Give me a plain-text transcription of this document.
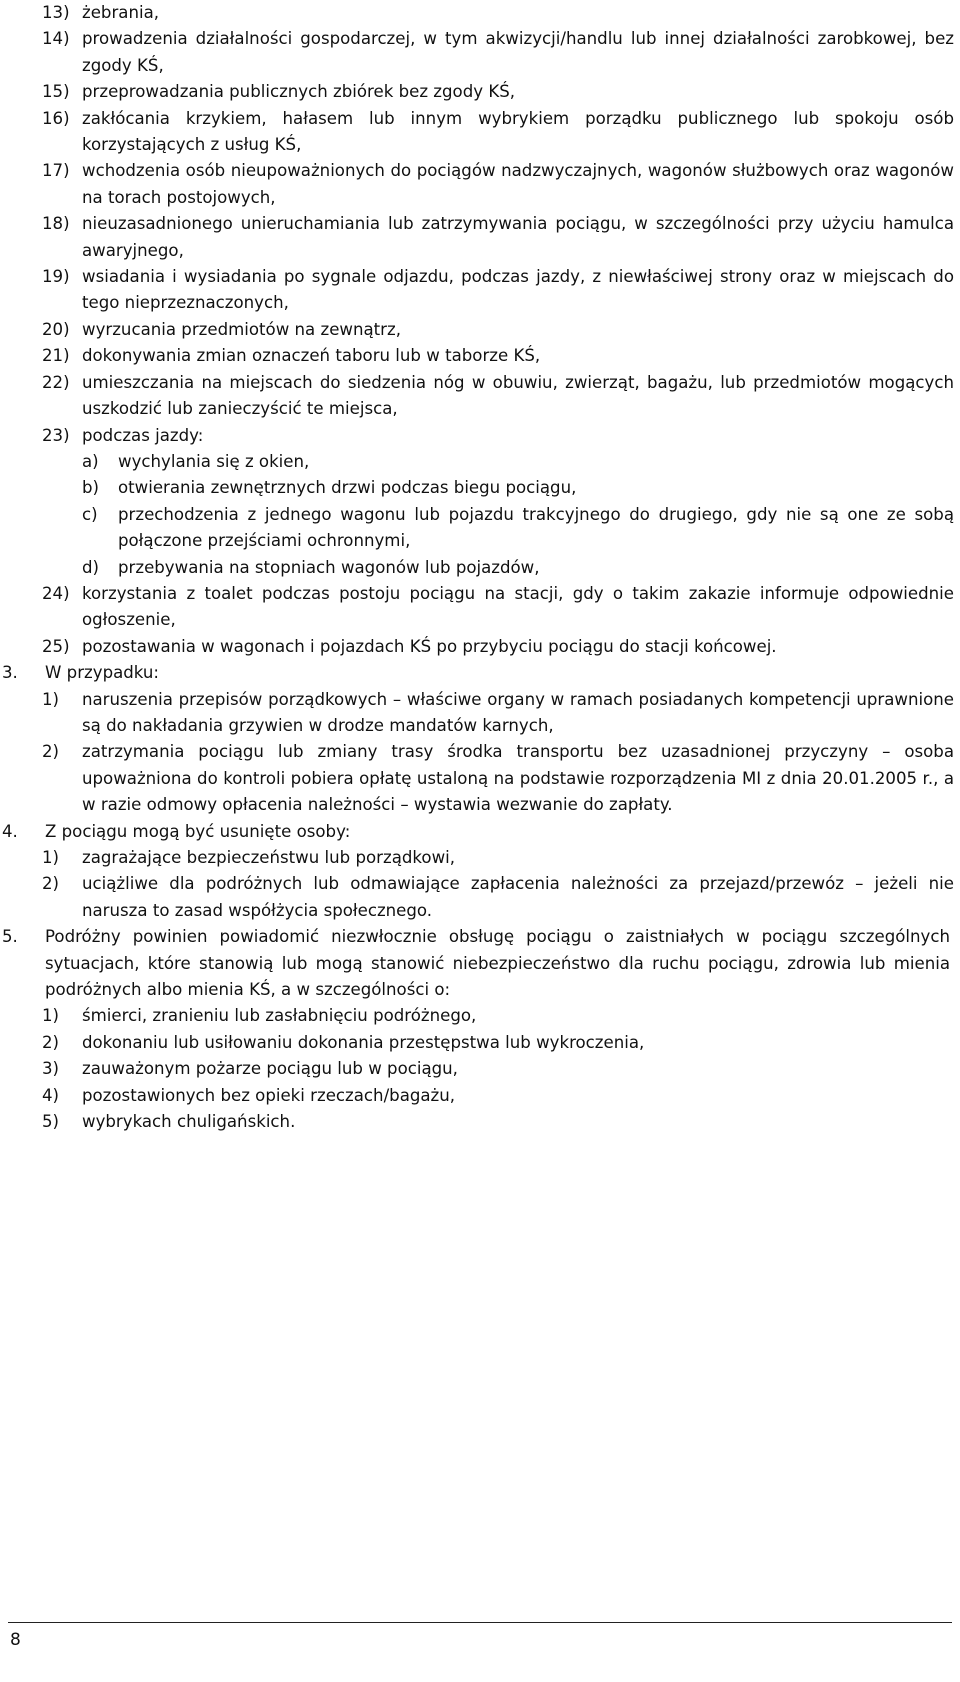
13) żebrania,
14) prowadzenia działalności gospodarczej, w tym akwizycji/handlu lub innej działalności zarobkowej, bez zgody KŚ,
15) przeprowadzania publicznych zbiórek bez zgody KŚ,
16) zakłócania krzykiem, hałasem lub innym wybrykiem porządku publicznego lub spokoju osób korzystających z usług KŚ,
17) wchodzenia osób nieupoważnionych do pociągów nadzwyczajnych, wagonów służbowych oraz wagonów na torach postojowych,
18) nieuzasadnionego unieruchamiania lub zatrzymywania pociągu, w szczególności przy użyciu hamulca awaryjnego,
19) wsiadania i wysiadania po sygnale odjazdu, podczas jazdy, z niewłaściwej strony oraz w miejscach do tego nieprzeznaczonych,
20) wyrzucania przedmiotów na zewnątrz,
21) dokonywania zmian oznaczeń taboru lub w taborze KŚ,
22) umieszczania na miejscach do siedzenia nóg w obuwiu, zwierząt, bagażu, lub przedmiotów mogących uszkodzić lub zanieczyścić te miejsca,
23) podczas jazdy:
a) wychylania się z okien,
b) otwierania zewnętrznych drzwi podczas biegu pociągu,
c) przechodzenia z jednego wagonu lub pojazdu trakcyjnego do drugiego, gdy nie są one ze sobą połączone przejściami ochronnymi,
d) przebywania na stopniach wagonów lub pojazdów,
24) korzystania z toalet podczas postoju pociągu na stacji, gdy o takim zakazie informuje odpowiednie ogłoszenie,
25) pozostawania w wagonach i pojazdach KŚ po przybyciu pociągu do stacji końcowej.
3. W przypadku:
1) naruszenia przepisów porządkowych – właściwe organy w ramach posiadanych kompetencji uprawnione są do nakładania grzywien w drodze mandatów karnych,
2) zatrzymania pociągu lub zmiany trasy środka transportu bez uzasadnionej przyczyny – osoba upoważniona do kontroli pobiera opłatę ustaloną na podstawie rozporządzenia MI z dnia 20.01.2005 r., a w razie odmowy opłacenia należności – wystawia wezwanie do zapłaty.
4. Z pociągu mogą być usunięte osoby:
1) zagrażające bezpieczeństwu lub porządkowi,
2) uciążliwe dla podróżnych lub odmawiające zapłacenia należności za przejazd/przewóz – jeżeli nie narusza to zasad współżycia społecznego.
5. Podróżny powinien powiadomić niezwłocznie obsługę pociągu o zaistniałych w pociągu szczególnych sytuacjach, które stanowią lub mogą stanowić niebezpieczeństwo dla ruchu pociągu, zdrowia lub mienia podróżnych albo mienia KŚ, a w szczególności o:
1) śmierci, zranieniu lub zasłabnięciu podróżnego,
2) dokonaniu lub usiłowaniu dokonania przestępstwa lub wykroczenia,
3) zauważonym pożarze pociągu lub w pociągu,
4) pozostawionych bez opieki rzeczach/bagażu,
5) wybrykach chuligańskich.
8
